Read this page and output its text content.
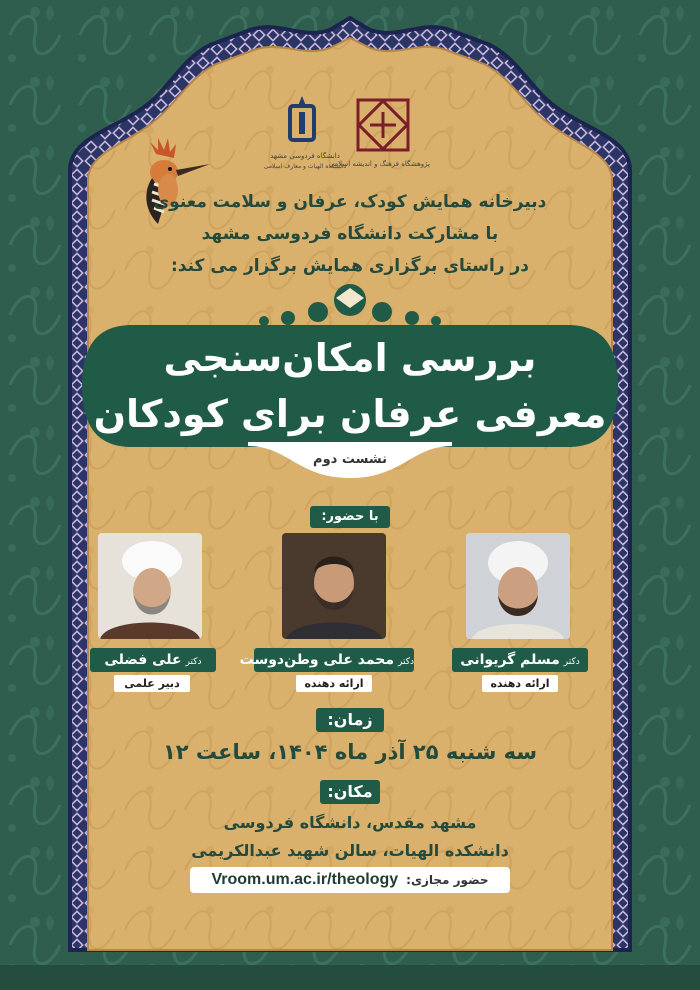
دانشگاه فردوسی مشهد
دانشکده الهیات و معارف اسلامی
پژوهشگاه فرهنگ و اندیشه اسلامی
دبیرخانه همایش کودک، عرفان و سلامت معنوی
با مشارکت دانشگاه فردوسی مشهد
در راستای برگزاری همایش برگزار می کند:
بررسی امکان‌سنجی
معرفی عرفان برای کودکان
نشست دوم
با حضور:
دکترمسلم گریوانی
ارائه دهنده
دکترمحمد علی وطن‌دوست
ارائه دهنده
دکترعلی فضلی
دبیر علمی
زمان:
سه شنبه ۲۵ آذر ماه ۱۴۰۴، ساعت ۱۲
مکان:
مشهد مقدس، دانشگاه فردوسی
دانشکده الهیات، سالن شهید عبدالکریمی
حضور مجازی:
Vroom.um.ac.ir/theology
